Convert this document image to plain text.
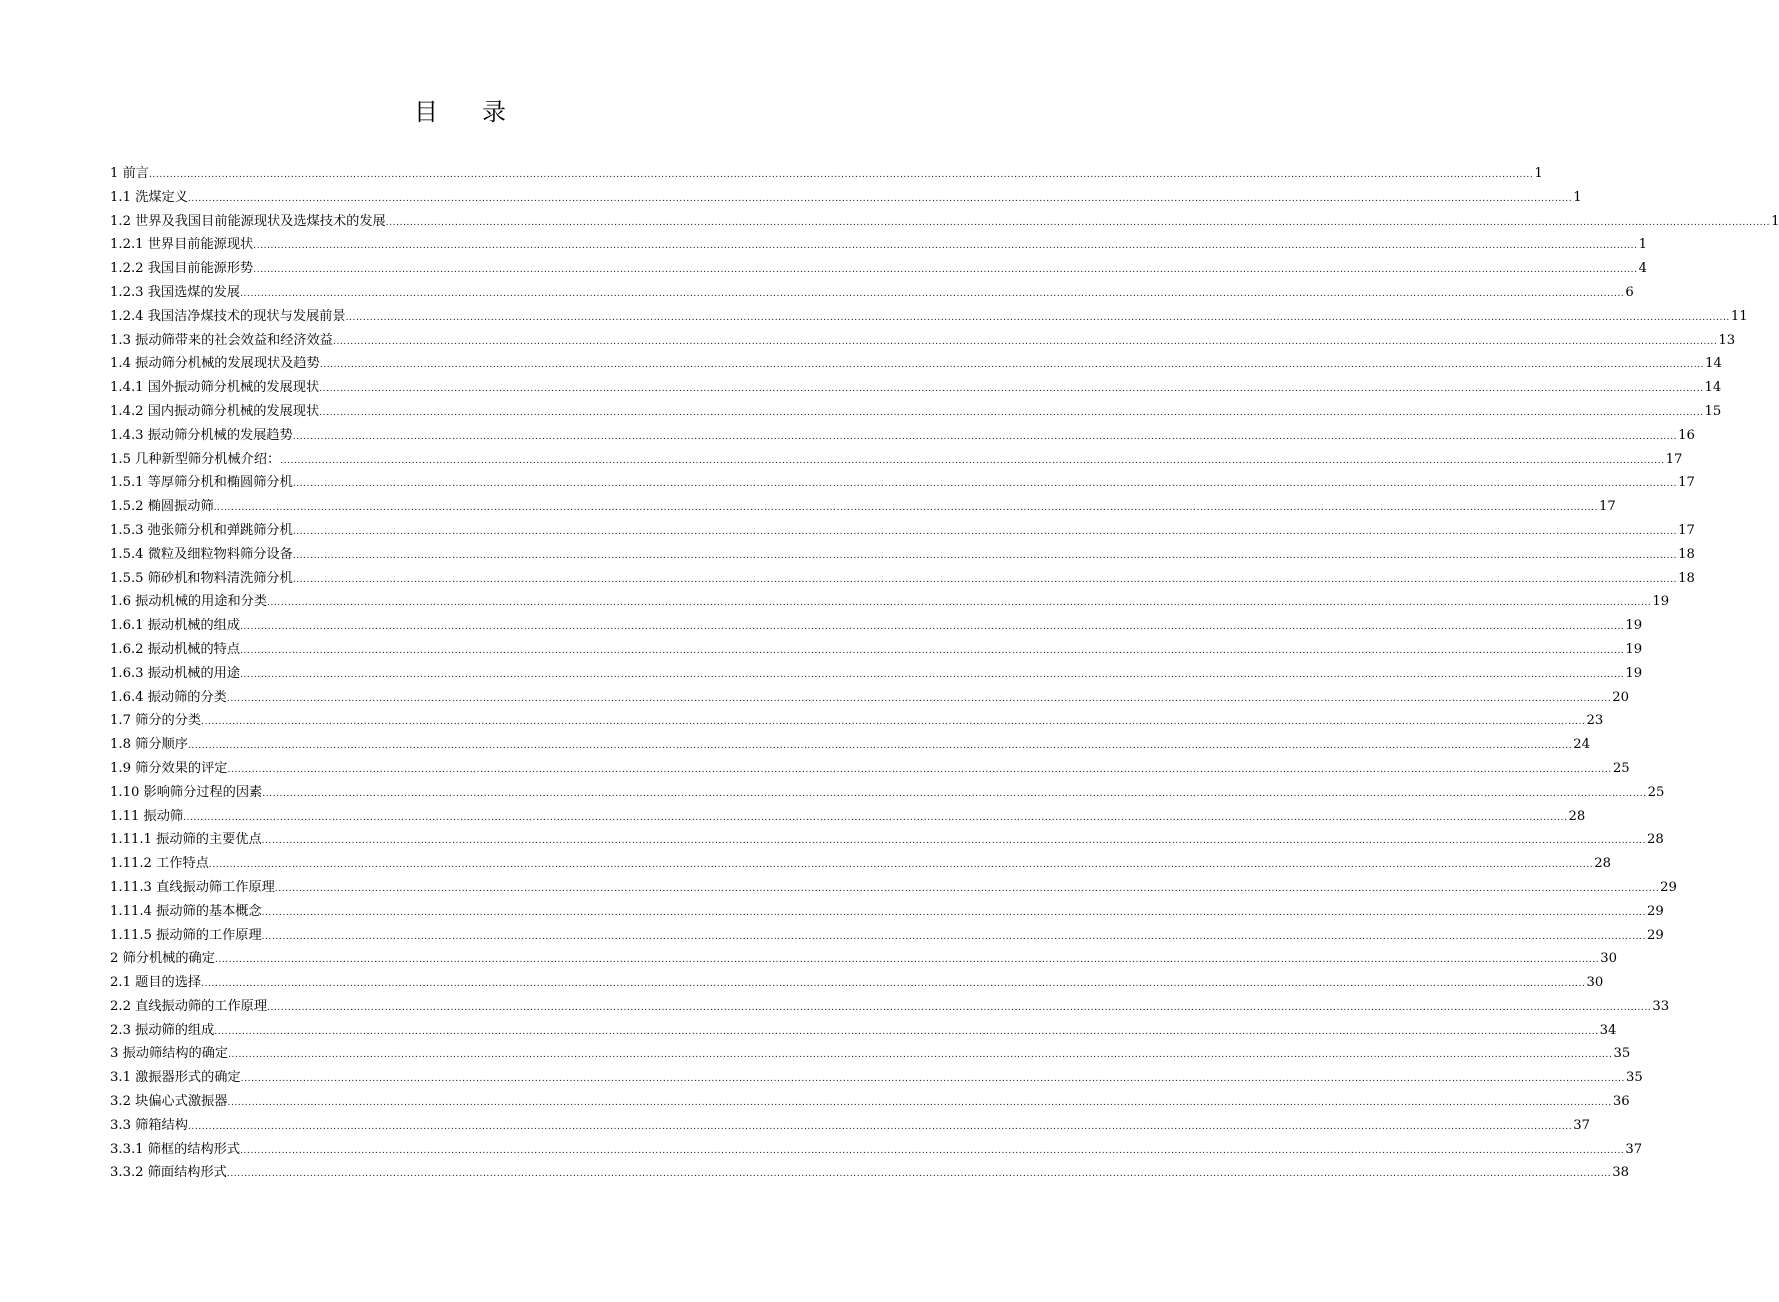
目录
1 前言 ................................................................................................................................................................................................................................................................................................................................................................................................................ 1
1.1 洗煤定义 ................................................................................................................................................................................................................................................................................................................................................................................................................ 1
1.2 世界及我国目前能源现状及选煤技术的发展 ................................................................................................................................................................................................................................................................................................................................................................................................................ 1
1.2.1 世界目前能源现状 ................................................................................................................................................................................................................................................................................................................................................................................................................ 1
1.2.2 我国目前能源形势 ................................................................................................................................................................................................................................................................................................................................................................................................................ 4
1.2.3 我国选煤的发展 ................................................................................................................................................................................................................................................................................................................................................................................................................ 6
1.2.4 我国洁净煤技术的现状与发展前景 ................................................................................................................................................................................................................................................................................................................................................................................................................ 11
1.3 振动筛带来的社会效益和经济效益 ................................................................................................................................................................................................................................................................................................................................................................................................................ 13
1.4 振动筛分机械的发展现状及趋势 ................................................................................................................................................................................................................................................................................................................................................................................................................ 14
1.4.1 国外振动筛分机械的发展现状 ................................................................................................................................................................................................................................................................................................................................................................................................................ 14
1.4.2 国内振动筛分机械的发展现状 ................................................................................................................................................................................................................................................................................................................................................................................................................ 15
1.4.3 振动筛分机械的发展趋势 ................................................................................................................................................................................................................................................................................................................................................................................................................ 16
1.5 几种新型筛分机械介绍： ................................................................................................................................................................................................................................................................................................................................................................................................................ 17
1.5.1 等厚筛分机和椭圆筛分机 ................................................................................................................................................................................................................................................................................................................................................................................................................ 17
1.5.2 椭圆振动筛 ................................................................................................................................................................................................................................................................................................................................................................................................................ 17
1.5.3 弛张筛分机和弹跳筛分机 ................................................................................................................................................................................................................................................................................................................................................................................................................ 17
1.5.4 微粒及细粒物料筛分设备 ................................................................................................................................................................................................................................................................................................................................................................................................................ 18
1.5.5 筛砂机和物料清洗筛分机 ................................................................................................................................................................................................................................................................................................................................................................................................................ 18
1.6 振动机械的用途和分类 ................................................................................................................................................................................................................................................................................................................................................................................................................ 19
1.6.1 振动机械的组成 ................................................................................................................................................................................................................................................................................................................................................................................................................ 19
1.6.2 振动机械的特点 ................................................................................................................................................................................................................................................................................................................................................................................................................ 19
1.6.3 振动机械的用途 ................................................................................................................................................................................................................................................................................................................................................................................................................ 19
1.6.4 振动筛的分类 ................................................................................................................................................................................................................................................................................................................................................................................................................ 20
1.7 筛分的分类 ................................................................................................................................................................................................................................................................................................................................................................................................................ 23
1.8 筛分顺序 ................................................................................................................................................................................................................................................................................................................................................................................................................ 24
1.9 筛分效果的评定 ................................................................................................................................................................................................................................................................................................................................................................................................................ 25
1.10 影响筛分过程的因素 ................................................................................................................................................................................................................................................................................................................................................................................................................ 25
1.11 振动筛 ................................................................................................................................................................................................................................................................................................................................................................................................................ 28
1.11.1 振动筛的主要优点 ................................................................................................................................................................................................................................................................................................................................................................................................................ 28
1.11.2 工作特点 ................................................................................................................................................................................................................................................................................................................................................................................................................ 28
1.11.3 直线振动筛工作原理 ................................................................................................................................................................................................................................................................................................................................................................................................................ 29
1.11.4 振动筛的基本概念 ................................................................................................................................................................................................................................................................................................................................................................................................................ 29
1.11.5 振动筛的工作原理 ................................................................................................................................................................................................................................................................................................................................................................................................................ 29
2 筛分机械的确定 ................................................................................................................................................................................................................................................................................................................................................................................................................ 30
2.1 题目的选择 ................................................................................................................................................................................................................................................................................................................................................................................................................ 30
2.2 直线振动筛的工作原理 ................................................................................................................................................................................................................................................................................................................................................................................................................ 33
2.3 振动筛的组成 ................................................................................................................................................................................................................................................................................................................................................................................................................ 34
3 振动筛结构的确定 ................................................................................................................................................................................................................................................................................................................................................................................................................ 35
3.1 激振器形式的确定 ................................................................................................................................................................................................................................................................................................................................................................................................................ 35
3.2 块偏心式激振器 ................................................................................................................................................................................................................................................................................................................................................................................................................ 36
3.3 筛箱结构 ................................................................................................................................................................................................................................................................................................................................................................................................................ 37
3.3.1 筛框的结构形式 ................................................................................................................................................................................................................................................................................................................................................................................................................ 37
3.3.2 筛面结构形式 ................................................................................................................................................................................................................................................................................................................................................................................................................ 38
